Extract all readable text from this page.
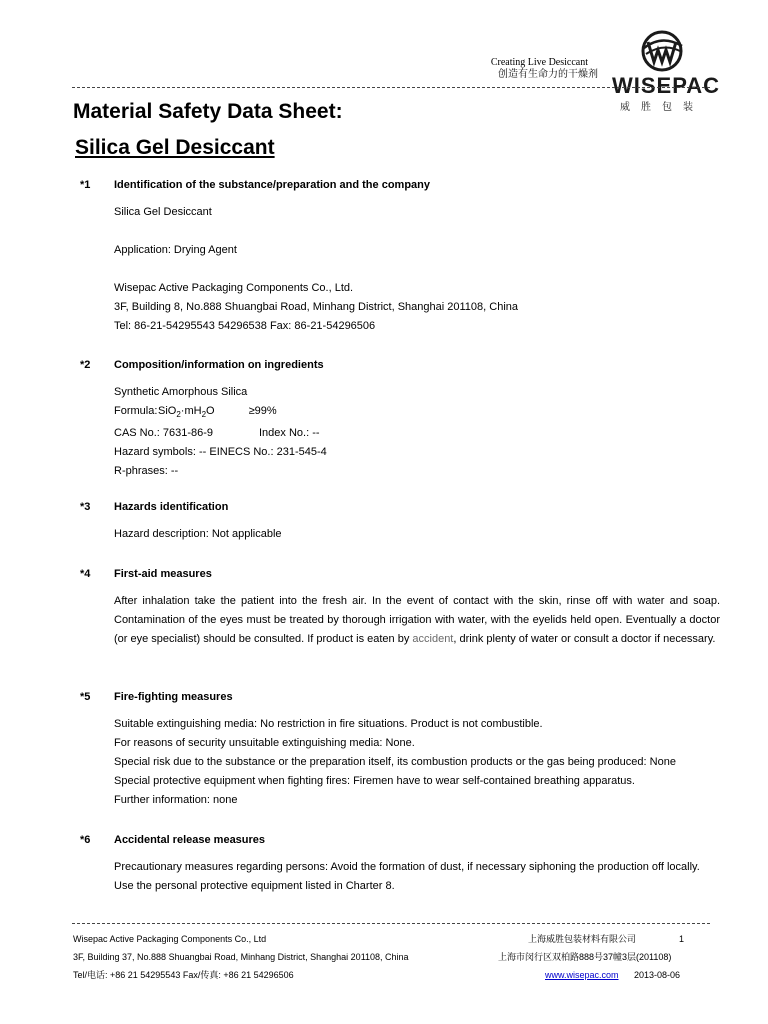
Creating Live Desiccant
创造有生命力的干燥剂 WISEPAC
威胜包装
Material Safety Data Sheet:
Silica Gel Desiccant
*1 Identification of the substance/preparation and the company
Silica Gel Desiccant
Application: Drying Agent
Wisepac Active Packaging Components Co., Ltd.
3F, Building 8, No.888 Shuangbai Road, Minhang District, Shanghai 201108, China
Tel: 86-21-54295543 54296538 Fax: 86-21-54296506
*2 Composition/information on ingredients
Synthetic Amorphous Silica
$Formula:SiO_2\cdot mH_2O$	≥99%
CAS No.: 7631-86-9	Index No.: --
Hazard symbols: -- EINECS No.: 231-545-4
R-phrases: --
*3 Hazards identification
Hazard description: Not applicable
*4 First-aid measures
After inhalation take the patient into the fresh air. In the event of contact with the skin, rinse off with water and soap. Contamination of the eyes must be treated by thorough irrigation with water, with the eyelids held open. Eventually a doctor (or eye specialist) should be consulted. If product is eaten by accident, drink plenty of water or consult a doctor if necessary.
*5 Fire-fighting measures
Suitable extinguishing media: No restriction in fire situations. Product is not combustible.
For reasons of security unsuitable extinguishing media: None.
Special risk due to the substance or the preparation itself, its combustion products or the gas being produced: None
Special protective equipment when fighting fires: Firemen have to wear self-contained breathing apparatus.
Further information: none
*6 Accidental release measures
Precautionary measures regarding persons: Avoid the formation of dust, if necessary siphoning the production off locally.
Use the personal protective equipment listed in Charter 8.
Wisepac Active Packaging Components Co., Ltd	上海威胜包装材料有限公司	1
3F, Building 37, No.888 Shuangbai Road, Minhang District, Shanghai 201108, China	上海市闵行区双柏路888号37幢3层(201108)
Tel/电话: +86 21 54295543 Fax/传真: +86 21 54296506	www.wisepac.com 2013-08-06
